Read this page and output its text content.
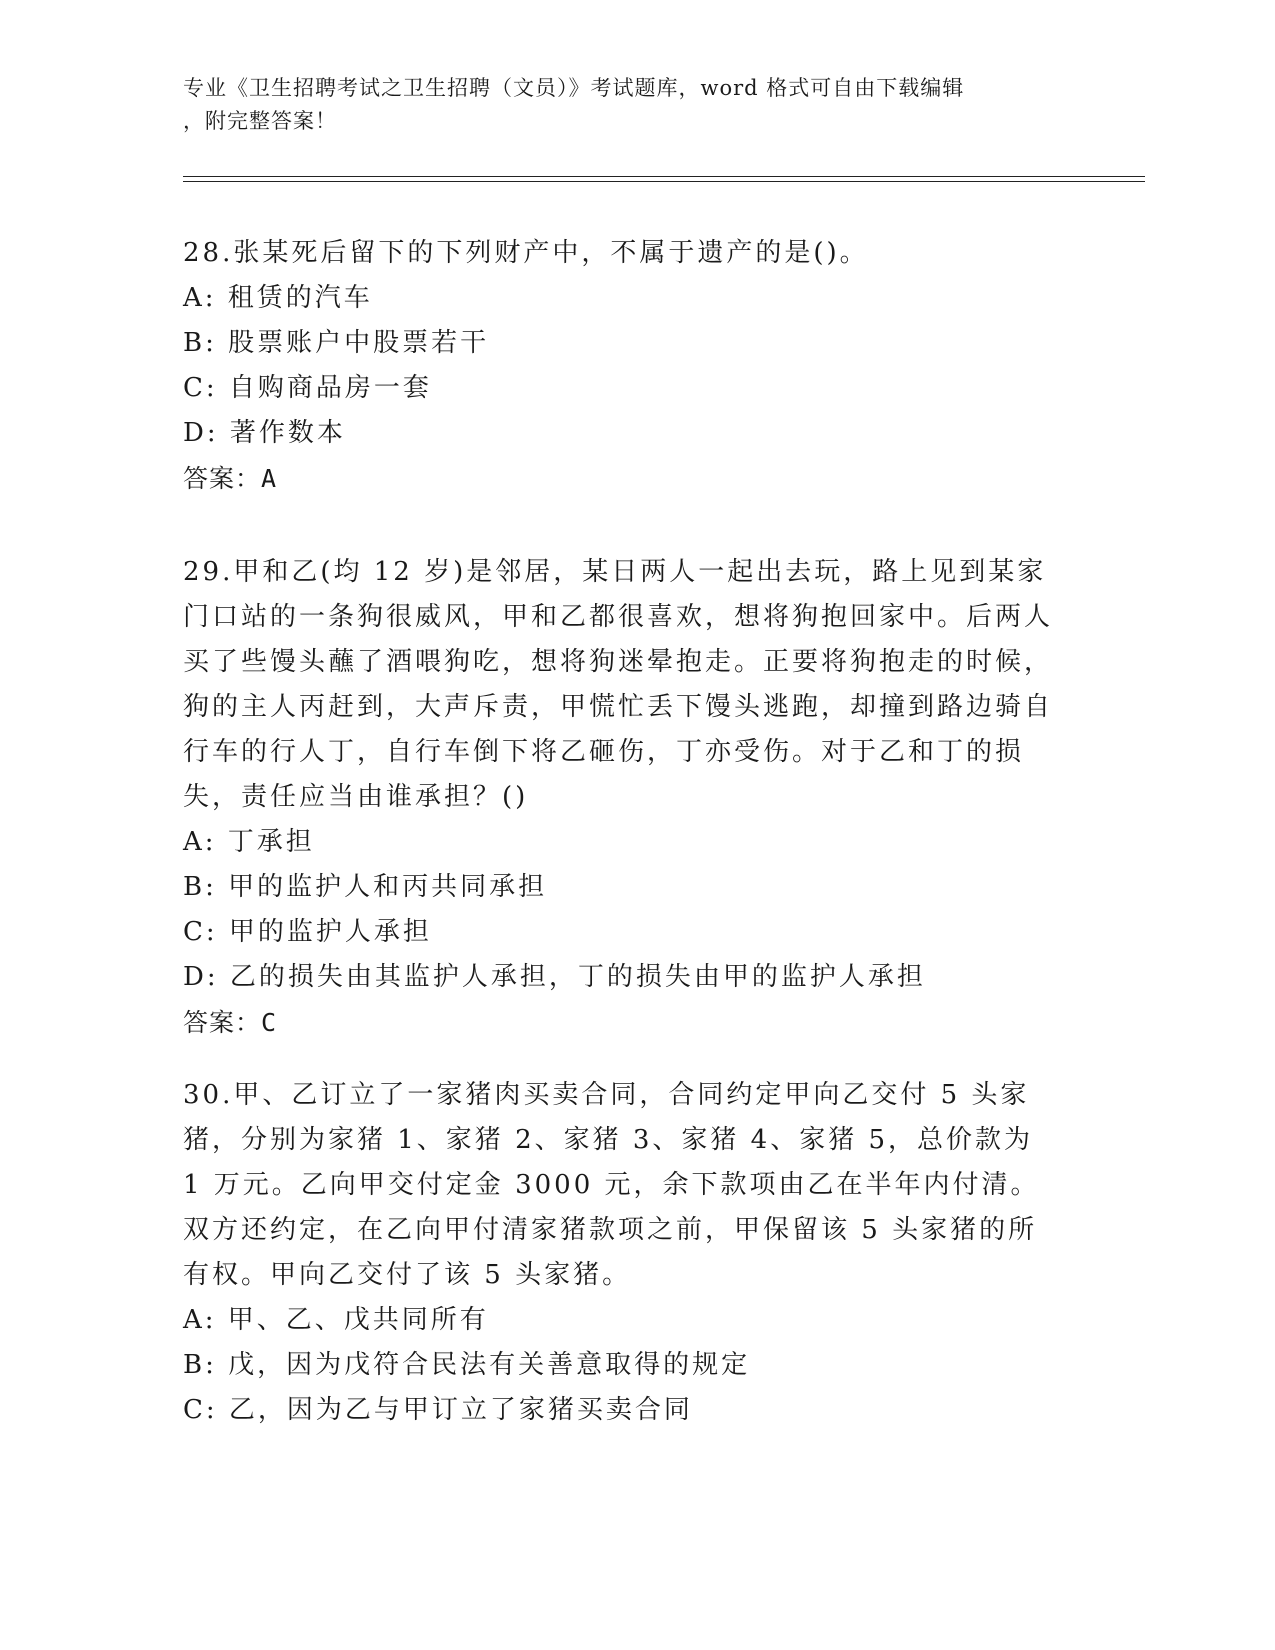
专业《卫生招聘考试之卫生招聘（文员）》考试题库，word 格式可自由下载编辑
，附完整答案！

28.张某死后留下的下列财产中，不属于遗产的是()。

A: 租赁的汽车

B: 股票账户中股票若干

C: 自购商品房一套

D: 著作数本

答案：A

29.甲和乙(均 12 岁)是邻居，某日两人一起出去玩，路上见到某家门口站的一条狗很威风，甲和乙都很喜欢，想将狗抱回家中。后两人买了些馒头蘸了酒喂狗吃，想将狗迷晕抱走。正要将狗抱走的时候，狗的主人丙赶到，大声斥责，甲慌忙丢下馒头逃跑，却撞到路边骑自行车的行人丁，自行车倒下将乙砸伤，丁亦受伤。对于乙和丁的损失，责任应当由谁承担？()

A: 丁承担

B: 甲的监护人和丙共同承担

C: 甲的监护人承担

D: 乙的损失由其监护人承担，丁的损失由甲的监护人承担

答案：C

30.甲、乙订立了一家猪肉买卖合同，合同约定甲向乙交付 5 头家猪，分别为家猪 1、家猪 2、家猪 3、家猪 4、家猪 5，总价款为 1 万元。乙向甲交付定金 3000 元，余下款项由乙在半年内付清。双方还约定，在乙向甲付清家猪款项之前，甲保留该 5 头家猪的所有权。甲向乙交付了该 5 头家猪。

A: 甲、乙、戊共同所有

B: 戊，因为戊符合民法有关善意取得的规定

C: 乙，因为乙与甲订立了家猪买卖合同
